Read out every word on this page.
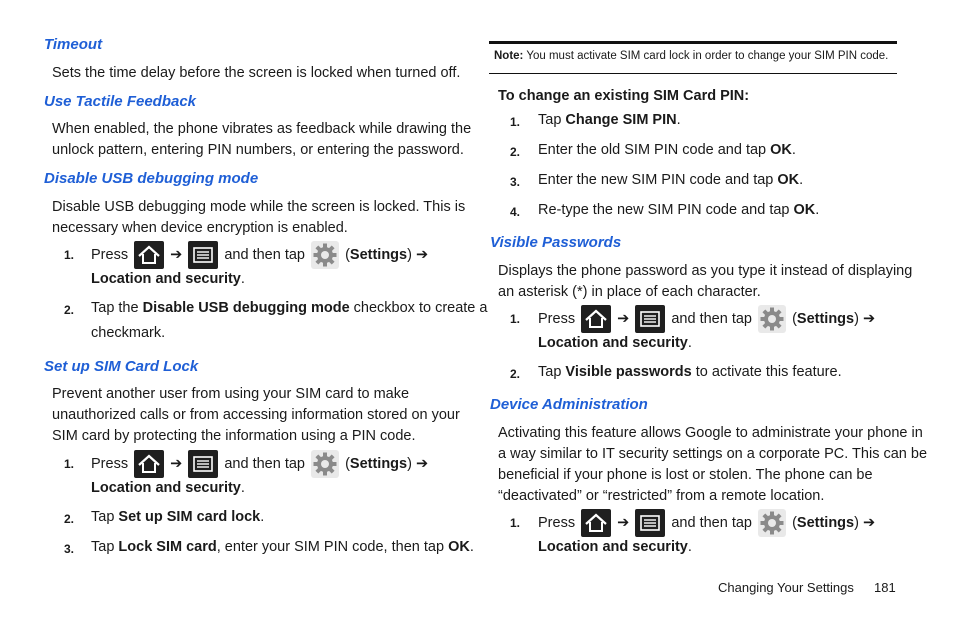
Timeout
Sets the time delay before the screen is locked when turned off.
Use Tactile Feedback
When enabled, the phone vibrates as feedback while drawing the
unlock pattern, entering PIN numbers, or entering the password.
Disable USB debugging mode
Disable USB debugging mode while the screen is locked. This is
necessary when device encryption is enabled.
1. Press	➔	and then tap	(Settings) ➔
Location and security.
2. Tap the Disable USB debugging mode checkbox to create a
checkmark.
Set up SIM Card Lock
Prevent another user from using your SIM card to make
unauthorized calls or from accessing information stored on your
SIM card by protecting the information using a PIN code.
1. Press	➔	and then tap	(Settings) ➔
Location and security.
2. Tap Set up SIM card lock.
3. Tap Lock SIM card, enter your SIM PIN code, then tap OK.
Note: You must activate SIM card lock in order to change your SIM PIN code.
To change an existing SIM Card PIN:
1. Tap Change SIM PIN.
2. Enter the old SIM PIN code and tap OK.
3. Enter the new SIM PIN code and tap OK.
4. Re-type the new SIM PIN code and tap OK.
Visible Passwords
Displays the phone password as you type it instead of displaying
an asterisk (*) in place of each character.
1. Press	➔	and then tap	(Settings) ➔
Location and security.
2. Tap Visible passwords to activate this feature.
Device Administration
Activating this feature allows Google to administrate your phone in
a way similar to IT security settings on a corporate PC. This can be
beneficial if your phone is lost or stolen. The phone can be
“deactivated” or “restricted” from a remote location.
1. Press	➔	and then tap	(Settings) ➔
Location and security.
Changing Your Settings 181
